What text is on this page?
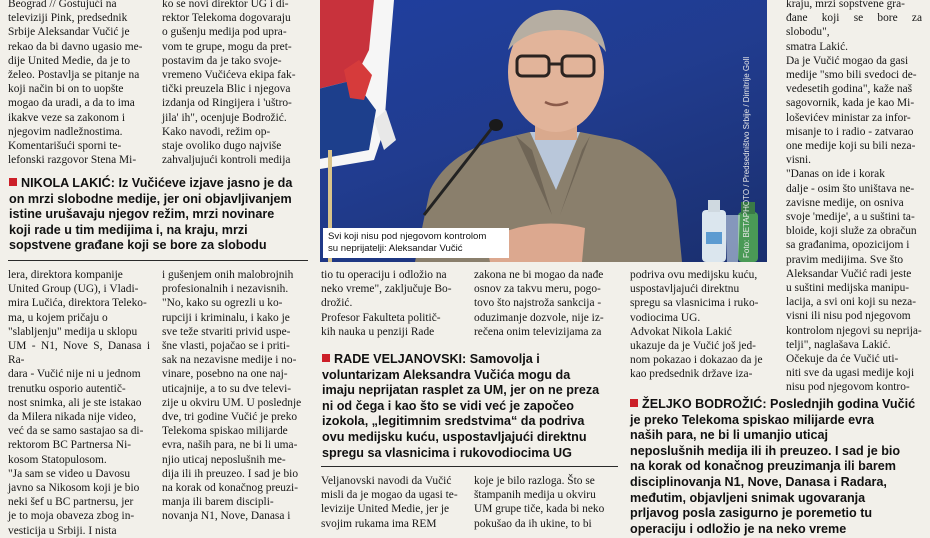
Beograd // Gostujući na
televiziji Pink, predsednik
Srbije Aleksandar Vučić je
rekao da bi davno ugasio me-
dije United Medie, da je to
želeo. Postavlja se pitanje na
koji način bi on to uopšte
mogao da uradi, a da to ima
ikakve veze sa zakonom i
njegovim nadležnostima.
Komentarišući sporni te-

lefonski razgovor Stena Mi-

ko se novi direktor UG i di-
rektor Telekoma dogovaraju
o gušenju medija pod upra-
vom te grupe, mogu da pret-
postavim da je tako svoje-
vremeno Vučićeva ekipa fak-
tički preuzela Blic i njegova
izdanja od Ringijera i 'uštro-
jila' ih", ocenjuje Bodrožić.
Kako navodi, režim op-
staje ovoliko dugo najviše
zahvaljujući kontroli medija	Foto: BETAPHOTO / Predsedništvo Srbije / Dimitrije Goll
Svi koji nisu pod njegovom kontrolom
su neprijatelji: Aleksandar Vučić
kraju, mrzi sopstvene gra-
đane koji se bore za slobodu",
smatra Lakić.
Da je Vučić mogao da gasi
medije "smo bili svedoci de-
vedesetih godina", kaže naš
sagovornik, kada je kao Mi-
loševićev ministar za infor-
misanje to i radio - zatvarao
one medije koji su bili nezа-
visni.
"Danas on ide i korak
dalje - osim što uništava ne-
zavisne medije, on osniva
svoje 'medije', a u suštini ta-
bloide, koji služe za obračun
sa građanima, opozicijom i
pravim medijima. Sve što
Aleksandar Vučić radi jeste
u suštini medijska manipu-
lacija, a svi oni koji su nezа-
visni ili nisu pod njegovom
kontrolom njegovi su neprija-
telji", naglašava Lakić.
Očekuje da će Vučić uti-
niti sve da ugasi medije koji
nisu pod njegovom kontro-
NIKOLA LAKIĆ: Iz Vučićeve izjave jasno je da
on mrzi slobodne medije, jer oni objavljivanjem
istine urušavaju njegov režim, mrzi novinare
koji rade u tim medijima i, na kraju, mrzi
sopstvene građane koji se bore za slobodu
lera, direktora kompanije
United Group (UG), i Vladi-
mira Lučića, direktora Teleko-
ma, u kojem pričaju o
"slabljenju" medija u sklopu
UM - N1, Nove S, Danasa i Ra-
dara - Vučić nije ni u jednom
trenutku osporio autentič-
nost snimka, ali je ste istakao
da Milera nikada nije video,
već da se samo sastajao sa di-
rektorom BC Partnersa Ni-
kosom Statopulosom.
"Ja sam se video u Davosu
javno sa Nikosom koji je bio
neki šef u BC partnersu, jer
je to moja obaveza zbog in-
vesticija u Srbiji. I nista
i gušenjem onih malobrojnih
profesionalnih i nezavisnih.
"No, kako su ogrezli u ko-
rupciji i kriminalu, i kako je
sve teže stvariti privid uspe-
šne vlasti, pojačao se i priti-
sak na nezavisne medije i no-
vinare, posebno na one naj-
uticajnije, a to su dve televi-
zije u okviru UM. U poslednje
dve, tri godine Vučić je preko
Telekoma spiskao milijarde
evra, naših para, ne bi li uma-
njio uticaj neposlušnih me-
dija ili ih preuzeo. I sad je bio
na korak od konačnog preuzi-
manja ili barem discipli-
novanja N1, Nove, Danasa i
tio tu operaciju i odložio na
neko vreme", zaključuje Bo-
drožić.
Profesor Fakulteta politič-
kih nauka u penziji Rade
zakona ne bi mogao da nađe
osnov za takvu meru, pogo-
tovo što najstroža sankcija -
oduzimanje dozvole, nije iz-
rečena onim televizijama za
RADE VELJANOVSKI: Samovolja i
voluntarizam Aleksandra Vučića mogu da
imaju neprijatan rasplet za UM, jer on ne preza
ni od čega i kao što se vidi već je započeo
izokola, „legitimnim sredstvima“ da podriva
ovu medijsku kuću, uspostavljajući direktnu
spregu sa vlasnicima i rukovodiocima UG
Veljanovski navodi da Vučić
misli da je mogao da ugasi te-
levizije United Medie, jer je
svojim rukama ima REM
koje je bilo razloga. Što se
štampanih medija u okviru
UM grupe tiče, kada bi neko
pokušao da ih ukine, to bi
podriva ovu medijsku kuću,
uspostavljajući direktnu
spregu sa vlasnicima i ruko-
vodiocima UG.
Advokat Nikola Lakić
ukazuje da je Vučić još jed-
nom pokazao i dokazao da je
kao predsednik države iza-
ŽELJKO BODROŽIĆ: Poslednjih godina Vučić
je preko Telekoma spiskao milijarde evra
naših para, ne bi li umanjio uticaj
neposlušnih medija ili ih preuzeo. I sad je bio
na korak od konačnog preuzimanja ili barem
disciplinovanja N1, Nove, Danasa i Radara,
međutim, objavljeni snimak ugovaranja
prljavog posla zasigurno je poremetio tu
operaciju i odložio je na neko vreme
